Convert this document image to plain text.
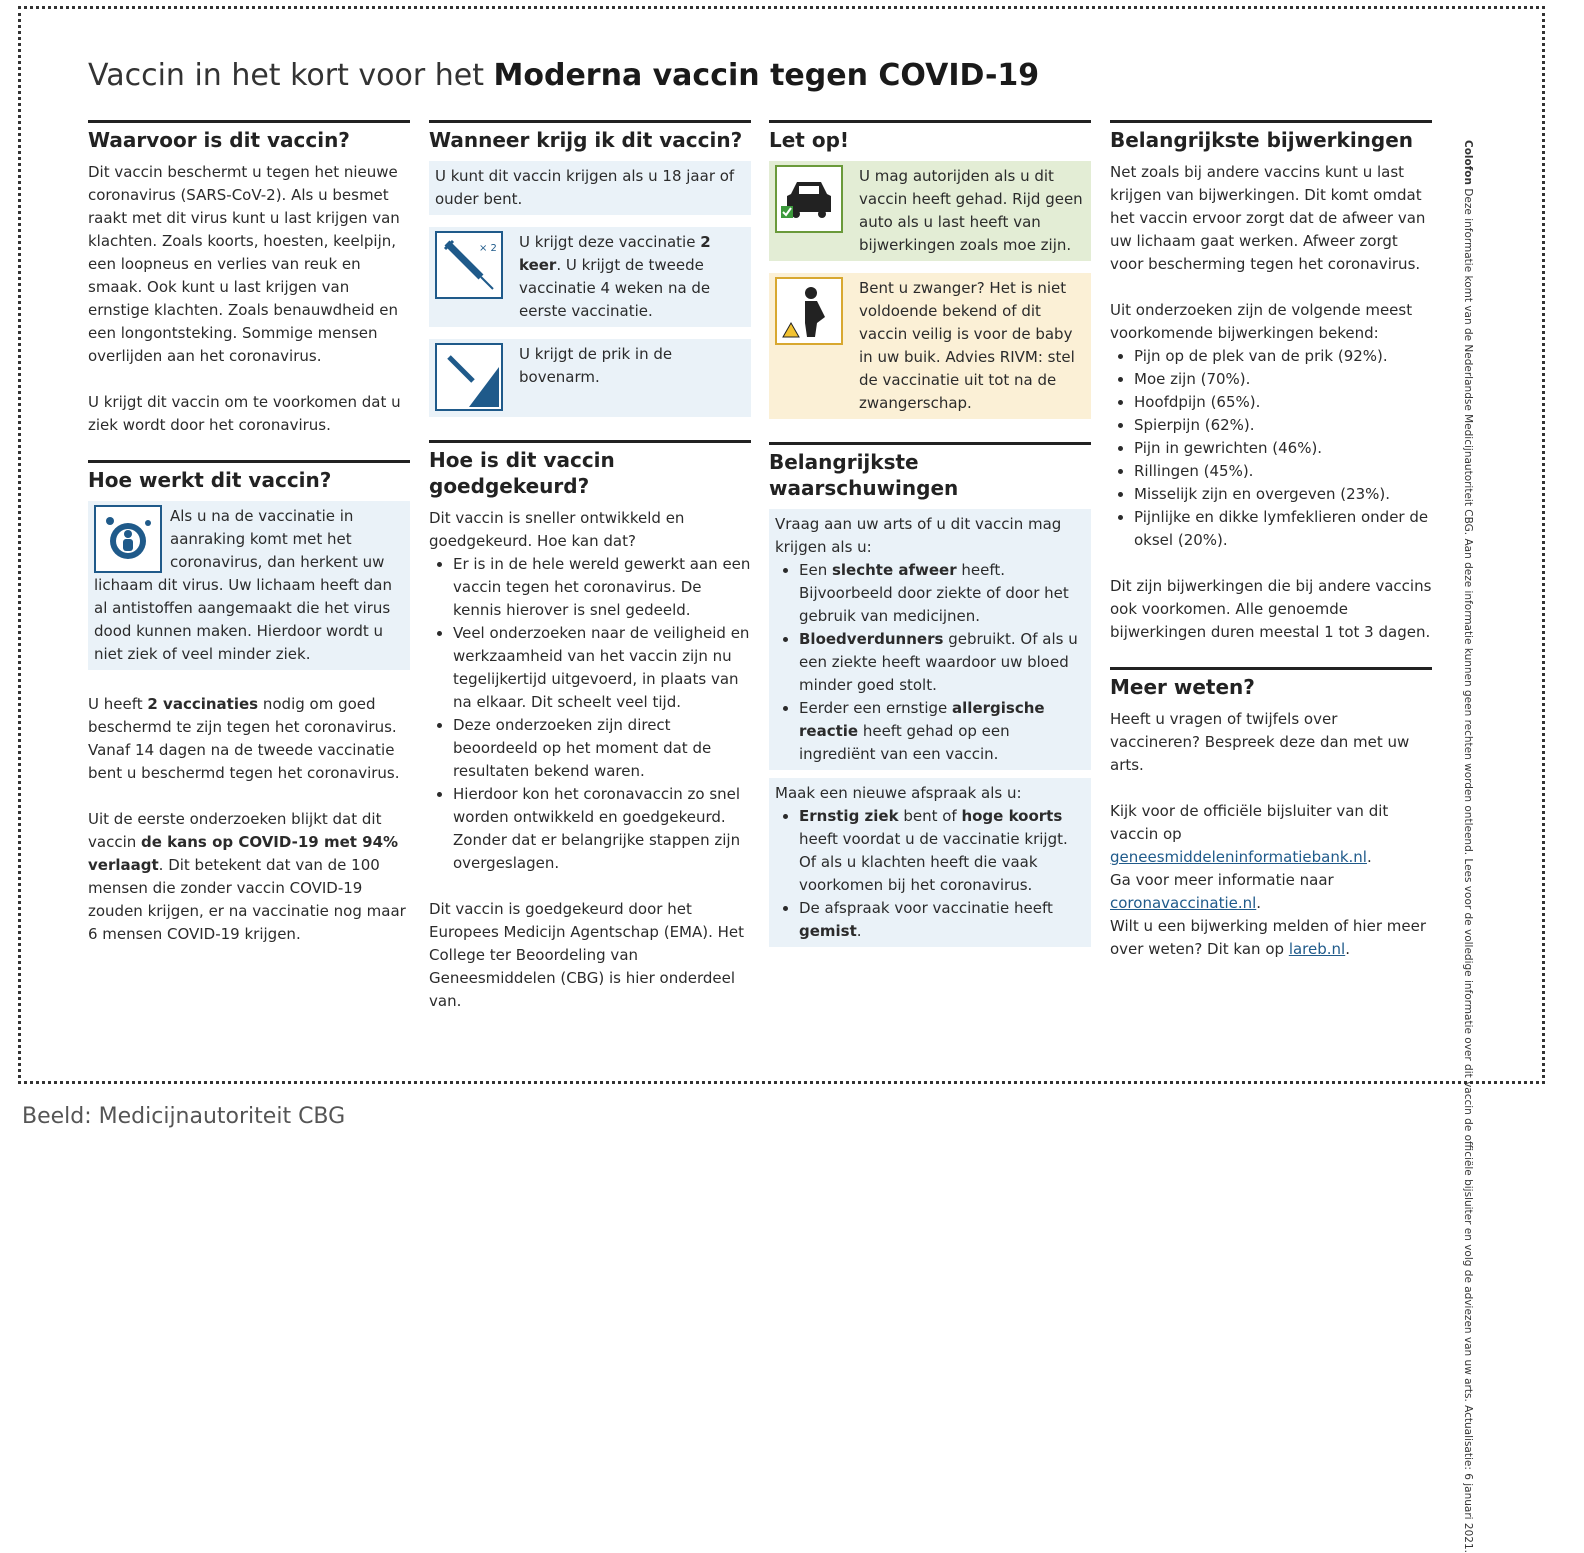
Vaccin in het kort voor het Moderna vaccin tegen COVID-19
Waarvoor is dit vaccin?

Dit vaccin beschermt u tegen het nieuwe coronavirus (SARS-CoV-2). Als u besmet raakt met dit virus kunt u last krijgen van klachten. Zoals koorts, hoesten, keelpijn, een loopneus en verlies van reuk en smaak. Ook kunt u last krijgen van ernstige klachten. Zoals benauwdheid en een longontsteking. Sommige mensen overlijden aan het coronavirus.

U krijgt dit vaccin om te voorkomen dat u ziek wordt door het coronavirus.

Hoe werkt dit vaccin?
Als u na de vaccinatie in aanraking komt met het coronavirus, dan herkent uw lichaam dit virus. Uw lichaam heeft dan al antistoffen aangemaakt die het virus dood kunnen maken. Hierdoor wordt u niet ziek of veel minder ziek.

U heeft 2 vaccinaties nodig om goed beschermd te zijn tegen het coronavirus. Vanaf 14 dagen na de tweede vaccinatie bent u beschermd tegen het coronavirus.

Uit de eerste onderzoeken blijkt dat dit vaccin de kans op COVID-19 met 94% verlaagt. Dit betekent dat van de 100 mensen die zonder vaccin COVID-19 zouden krijgen, er na vaccinatie nog maar 6 mensen COVID-19 krijgen.

Wanneer krijg ik dit vaccin?
U kunt dit vaccin krijgen als u 18 jaar of ouder bent.
× 2 U krijgt deze vaccinatie 2 keer. U krijgt de tweede vaccinatie 4 weken na de eerste vaccinatie.
U krijgt de prik in de bovenarm.
Hoe is dit vaccin goedgekeurd?

Dit vaccin is sneller ontwikkeld en goedgekeurd. Hoe kan dat?

• Er is in de hele wereld gewerkt aan een vaccin tegen het coronavirus. De kennis hierover is snel gedeeld.
• Veel onderzoeken naar de veiligheid en werkzaamheid van het vaccin zijn nu tegelijkertijd uitgevoerd, in plaats van na elkaar. Dit scheelt veel tijd.
• Deze onderzoeken zijn direct beoordeeld op het moment dat de resultaten bekend waren.
• Hierdoor kon het coronavaccin zo snel worden ontwikkeld en goedgekeurd. Zonder dat er belangrijke stappen zijn overgeslagen.

Dit vaccin is goedgekeurd door het Europees Medicijn Agentschap (EMA). Het College ter Beoordeling van Geneesmiddelen (CBG) is hier onderdeel van.

Let op!
U mag autorijden als u dit vaccin heeft gehad. Rijd geen auto als u last heeft van bijwerkingen zoals moe zijn.
Bent u zwanger? Het is niet voldoende bekend of dit vaccin veilig is voor de baby in uw buik. Advies RIVM: stel de vaccinatie uit tot na de zwangerschap.
Belangrijkste waarschuwingen

Vraag aan uw arts of u dit vaccin mag krijgen als u:

• Een slechte afweer heeft. Bijvoorbeeld door ziekte of door het gebruik van medicijnen.
• Bloedverdunners gebruikt. Of als u een ziekte heeft waardoor uw bloed minder goed stolt.
• Eerder een ernstige allergische reactie heeft gehad op een ingrediënt van een vaccin.

Maak een nieuwe afspraak als u:

• Ernstig ziek bent of hoge koorts heeft voordat u de vaccinatie krijgt. Of als u klachten heeft die vaak voorkomen bij het coronavirus.
• De afspraak voor vaccinatie heeft gemist.
Belangrijkste bijwerkingen

Net zoals bij andere vaccins kunt u last krijgen van bijwerkingen. Dit komt omdat het vaccin ervoor zorgt dat de afweer van uw lichaam gaat werken. Afweer zorgt voor bescherming tegen het coronavirus.

Uit onderzoeken zijn de volgende meest voorkomende bijwerkingen bekend:

• Pijn op de plek van de prik (92%).
• Moe zijn (70%).
• Hoofdpijn (65%).
• Spierpijn (62%).
• Pijn in gewrichten (46%).
• Rillingen (45%).
• Misselijk zijn en overgeven (23%).
• Pijnlijke en dikke lymfeklieren onder de oksel (20%).

Dit zijn bijwerkingen die bij andere vaccins ook voorkomen. Alle genoemde bijwerkingen duren meestal 1 tot 3 dagen.

Meer weten?

Heeft u vragen of twijfels over vaccineren? Bespreek deze dan met uw arts.

Kijk voor de officiële bijsluiter van dit vaccin op

geneesmiddeleninformatiebank.nl.

Ga voor meer informatie naar

coronavaccinatie.nl.

Wilt u een bijwerking melden of hier meer over weten? Dit kan op lareb.nl.

Colofon Deze informatie komt van de Nederlandse Medicijnautoriteit CBG. Aan deze informatie kunnen geen rechten worden ontleend. Lees voor de volledige informatie over dit vaccin de officiële bijsluiter en volg de adviezen van uw arts. Actualisatie: 6 januari 2021.
Beeld: Medicijnautoriteit CBG
